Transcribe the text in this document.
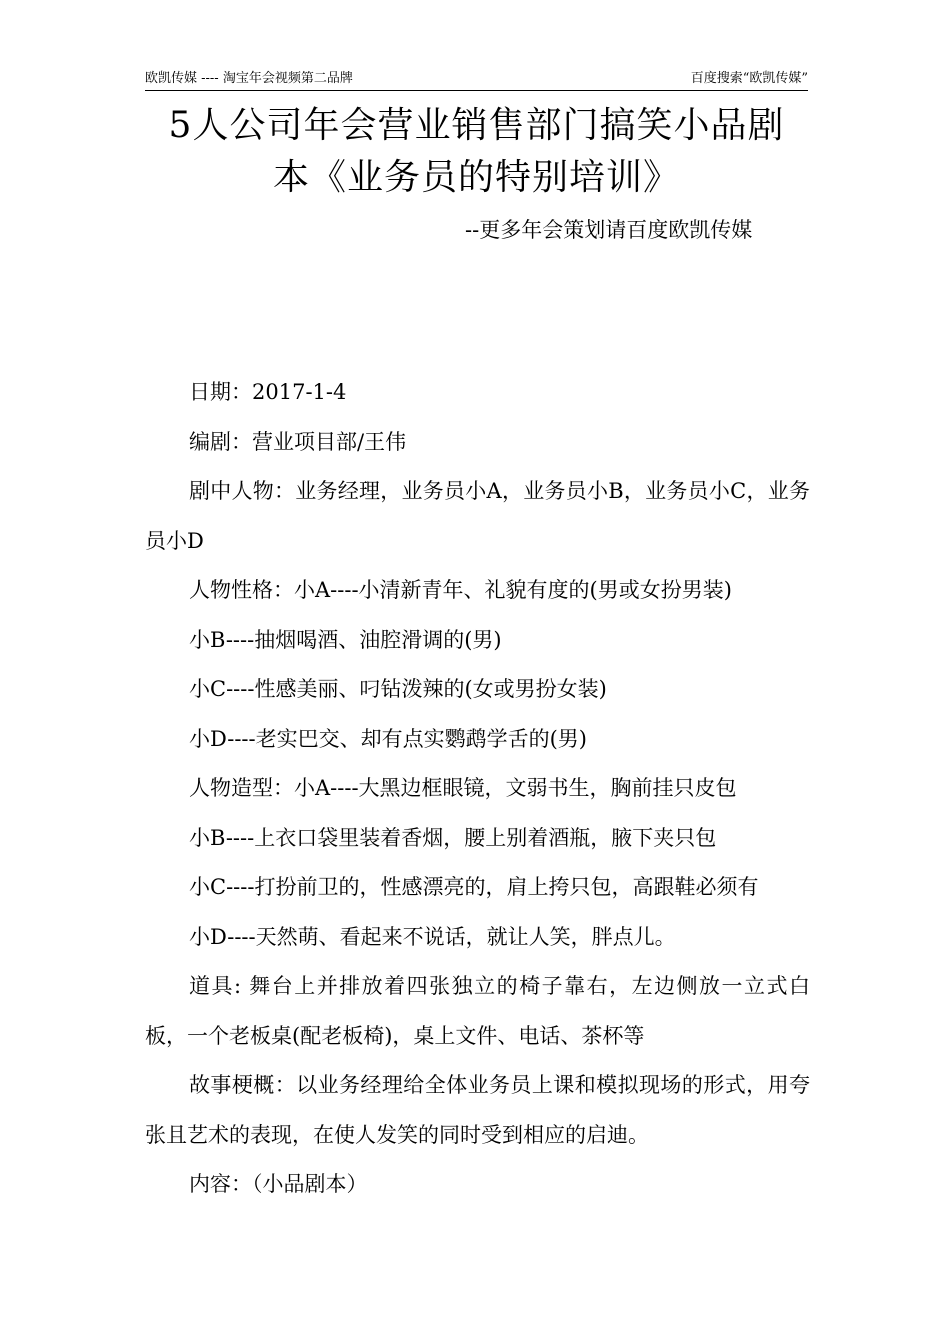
欧凯传媒 ---- 淘宝年会视频第二品牌	百度搜索“欧凯传媒”
5人公司年会营业销售部门搞笑小品剧
本《业务员的特别培训》
--更多年会策划请百度欧凯传媒

日期：2017-1-4

编剧：营业项目部/王伟

剧中人物：业务经理，业务员小A，业务员小B，业务员小C，业务员小D

人物性格：小A----小清新青年、礼貌有度的(男或女扮男装)

小B----抽烟喝酒、油腔滑调的(男)

小C----性感美丽、叼钻泼辣的(女或男扮女装)

小D----老实巴交、却有点实鹦鹉学舌的(男)

人物造型：小A----大黑边框眼镜，文弱书生，胸前挂只皮包

小B----上衣口袋里装着香烟，腰上别着酒瓶，腋下夹只包

小C----打扮前卫的，性感漂亮的，肩上挎只包，高跟鞋必须有

小D----天然萌、看起来不说话，就让人笑，胖点儿。

道具: 舞台上并排放着四张独立的椅子靠右，左边侧放一立式白板，一个老板桌(配老板椅)，桌上文件、电话、茶杯等

故事梗概：以业务经理给全体业务员上课和模拟现场的形式，用夸张且艺术的表现，在使人发笑的同时受到相应的启迪。

内容：（小品剧本）
